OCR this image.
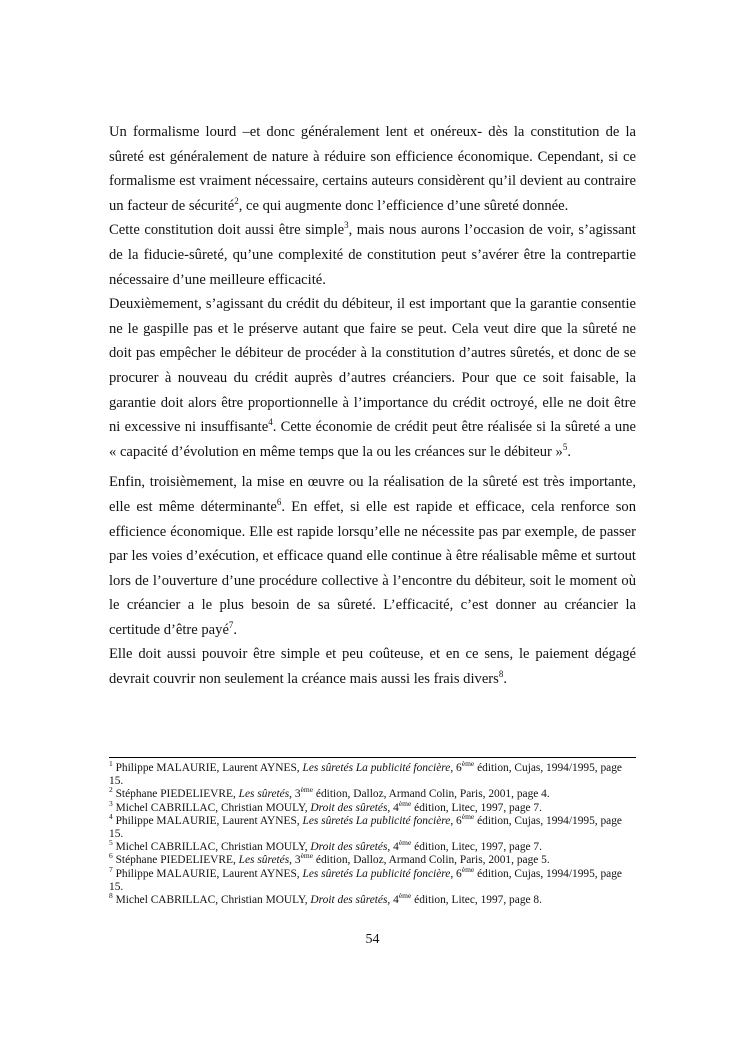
Un formalisme lourd –et donc généralement lent et onéreux- dès la constitution de la sûreté est généralement de nature à réduire son efficience économique. Cependant, si ce formalisme est vraiment nécessaire, certains auteurs considèrent qu’il devient au contraire un facteur de sécurité$^2$, ce qui augmente donc l’efficience d’une sûreté donnée.

Cette constitution doit aussi être simple$^3$, mais nous aurons l’occasion de voir, s’agissant de la fiducie-sûreté, qu’une complexité de constitution peut s’avérer être la contrepartie nécessaire d’une meilleure efficacité.

Deuxièmement, s’agissant du crédit du débiteur, il est important que la garantie consentie ne le gaspille pas et le préserve autant que faire se peut. Cela veut dire que la sûreté ne doit pas empêcher le débiteur de procéder à la constitution d’autres sûretés, et donc de se procurer à nouveau du crédit auprès d’autres créanciers. Pour que ce soit faisable, la garantie doit alors être proportionnelle à l’importance du crédit octroyé, elle ne doit être ni excessive ni insuffisante$^4$. Cette économie de crédit peut être réalisée si la sûreté a une « capacité d’évolution en même temps que la ou les créances sur le débiteur »$^5$.

Enfin, troisièmement, la mise en œuvre ou la réalisation de la sûreté est très importante, elle est même déterminante$^6$. En effet, si elle est rapide et efficace, cela renforce son efficience économique. Elle est rapide lorsqu’elle ne nécessite pas par exemple, de passer par les voies d’exécution, et efficace quand elle continue à être réalisable même et surtout lors de l’ouverture d’une procédure collective à l’encontre du débiteur, soit le moment où le créancier a le plus besoin de sa sûreté. L’efficacité, c’est donner au créancier la certitude d’être payé$^7$.

Elle doit aussi pouvoir être simple et peu coûteuse, et en ce sens, le paiement dégagé devrait couvrir non seulement la créance mais aussi les frais divers$^8$.

$^1$ Philippe MALAURIE, Laurent AYNES, Les sûretés La publicité foncière, 6ème édition, Cujas, 1994/1995, page 15.

$^2$ Stéphane PIEDELIEVRE, Les sûretés, 3ème édition, Dalloz, Armand Colin, Paris, 2001, page 4.

$^3$ Michel CABRILLAC, Christian MOULY, Droit des sûretés, 4ème édition, Litec, 1997, page 7.

$^4$ Philippe MALAURIE, Laurent AYNES, Les sûretés La publicité foncière, 6ème édition, Cujas, 1994/1995, page 15.

$^5$ Michel CABRILLAC, Christian MOULY, Droit des sûretés, 4ème édition, Litec, 1997, page 7.

$^6$ Stéphane PIEDELIEVRE, Les sûretés, 3ème édition, Dalloz, Armand Colin, Paris, 2001, page 5.

$^7$ Philippe MALAURIE, Laurent AYNES, Les sûretés La publicité foncière, 6ème édition, Cujas, 1994/1995, page 15.

$^8$ Michel CABRILLAC, Christian MOULY, Droit des sûretés, 4ème édition, Litec, 1997, page 8.

54
